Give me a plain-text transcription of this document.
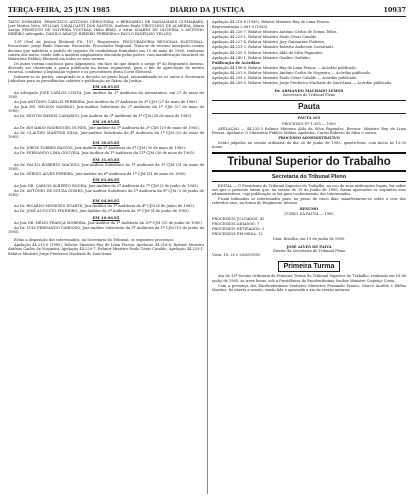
TERÇA-FEIRA, 25 JUN 1985	DIÁRIO DA JUSTIÇA	10937

TAVIO DORAMES, FRANCISCO ANTONIO CERQUEIRA, e BERNARDO DE MAGALHÃES GUIMARÃES, José Mattos Neto, WILLIAN CAVALCANTI DOS SANTOS, Antônio Paulo VIRGULINO DE ALMEIDA, Mário Araújo SEMIENTO DE OLIVEIRA VOSTRAS, Hélio BRAZ, e Artur SOARES DE OLIVEIRA, e ANTÔNIO RIBEIRO Advogado, DANILO ARAÚJO RIBEIRO FERREIRA e PAULO PANFILHO TELLES.

1.8ª Cível da Justiça Eleitoral Fls. 157. Requerente: PROCURADORIA REGIONAL ELEITORAL. Recorrente: Jorge Paulo Marconi. Recorrido: Procurador Regional. Trata-se de recurso interposto contra decisão que indeferiu o pedido de registro de candidatura formulado em 15 de maio de 1985, conforme consta dos autos, tendo sido a matéria amplamente discutida pelas partes, com manifestação favorável do Ministério Público Eleitoral em todos os seus termos.

Os autos vieram conclusos para julgamento, em face do que dispõe o artigo 8º do Regimento Interno, devendo ser observada a pauta publicada na forma regimental, para o fim de apreciação do mérito recursal, conforme a legislação vigente e os precedentes desta Corte Eleitoral.

Intimem-se as partes, cumprindo-se a decisão no prazo legal, encaminhando-se os autos à Secretaria Judiciária para as providências cabíveis e publicação no Diário da Justiça.

EM 28.05.85

Ao advogado JOSÉ CARLOS COSTA, Juiz Auditor da 1ª Auditoria da Aeronáutica, em 27 de maio de 1985.

Ao Juiz ANTÔNIO CARLOS FERREIRA, Juiz Auditor da 2ª Auditoria da 3ª CJM (27 de maio de 1985).

Ao Juiz DR. WILSON SAMPAIO, Juiz-Auditor Substituto da 2ª Auditoria da 1ª CJM (27 de maio de 1985).

Ao Dr. MILTON RAMOS CAMARGO, Juiz Auditor da 3ª Auditoria da 1ª CJM (28 de maio de 1985).

EM 29.05.85

Ao Dr. EDUARDO RODRIGUES NUNES, Juiz-Auditor da 1ª Auditoria da 2ª CJM (29 de maio de 1985).

Ao Dr. CLÁUDIO MARTINS SILVA, Juiz-Auditor Substituto da 4ª Auditoria da 1ª CJM (29 de maio de 1985).

EM 30.05.85

Ao Dr. JORGE TORRES BASTOS, Juiz-Auditor da 2ª Auditoria da 5ª CJM (30 de maio de 1985).

Ao Dr. FERNANDO LIMA GOUVEIA, Juiz-Auditor da 1ª Auditoria da 11ª CJM (30 de maio de 1985).

EM 31.05.85

Ao Dr. PAULO ROBERTO MACEDO, Juiz-Auditor Substituto da 1ª Auditoria da 3ª CJM (31 de maio de 1985).

Ao Dr. SÉRGIO ALVES PEREIRA, Juiz-Auditor da 6ª Auditoria da 1ª CJM (31 de maio de 1985).

EM 03.06.85

Ao Juiz DR. CARLOS ALBERTO ROCHA, Juiz-Auditor da 2ª Auditoria da 7ª CJM (3 de junho de 1985).

Ao Dr. ANTÔNIO DE SOUZA GOMES, Juiz-Auditor Substituto da 1ª Auditoria da 8ª CJM (3 de junho de 1985).

EM 04.06.85

Ao Dr. RICARDO MENEZES DUARTE, Juiz-Auditor da 1ª Auditoria da 4ª CJM (4 de junho de 1985).

Ao Dr. JOSÉ AUGUSTO PINHEIRO, Juiz-Auditor da 2ª Auditoria da 9ª CJM (4 de junho de 1985).

EM 10.06.85

Ao Juiz DR. HÉLIO FRANÇA MOREIRA, Juiz-Auditor da 1ª Auditoria da 10ª CJM (10 de junho de 1985).

Ao Dr. LUIZ FERNANDO CARDOSO, Juiz-Auditor Substituto da 3ª Auditoria da 1ª CJM (10 de junho de 1985).

Estão a disposição dos interessados, na Secretaria do Tribunal, os seguintes processos:

Apelação 44.215-0 (1985), Relator Ministro Ruy de Lima Pessoa; Apelação 44.216-8, Relator Ministro Antônio Carlos de Nogueira; Apelação 44.220-7, Relator Ministro Paulo César Cataldo; Apelação 44.223-1, Relator Ministro Jorge Frederico Machado de Sant'Anna.

Apelação 44.216-8 (1985), Relator Ministro Ruy de Lima Pessoa.

Representação 2.081-5 (1985).

Apelação 44.220-7, Relator Ministro Antônio Carlos de Seixas Telles.

Apelação 44.223-1, Relator Ministro Paulo César Cataldo.

Apelação 44.227-4, Relator Ministro Jacy Guimarães Pinheiro.

Apelação 44.231-2, Relator Ministro Roberto Andersen Cavalcanti.

Apelação 44.235-5, Relator Ministro Aldo da Silva Fagundes.

Apelação 44.240-1, Relator Ministro Gualter Godinho.

Publicação de Acórdãos

Apelação 44.198-6, Relator Ministro Ruy de Lima Pessoa — Acórdão publicado.

Apelação 44.201-0, Relator Ministro Antônio Carlos de Nogueira — Acórdão publicado.

Apelação 44.205-2, Relator Ministro Paulo César Cataldo — Acórdão publicado.

Apelação 44.209-5, Relator Ministro Jorge Frederico Machado de Sant'Anna — Acórdão publicado.

Dr. ARMANDO MACHADO LEMOS

Secretário do Tribunal Pleno

Pauta

PAUTA 165

PROCESSO Nº 1.355 — 1985

APELAÇÃO — 44.235-5 Relator Ministro Aldo da Silva Fagundes. Revisor: Ministro Ruy de Lima Pessoa. Apelante: O Ministério Público Militar. Apelados: Carlos Roberto da Silva e outros.

PROCESSO ADMINISTRATIVO

Serão julgados na sessão ordinária do dia 26 de junho de 1985, quarta-feira, com início às 13:30 horas.

Tribunal Superior do Trabalho
Secretaria do Tribunal Pleno

EDITAL — O Presidente do Tribunal Superior do Trabalho, no uso de suas atribuições legais, faz saber aos que o presente virem que, na sessão de 19 de junho de 1985, foram aprovados os seguintes atos administrativos, cuja publicação se faz para conhecimento dos interessados.

Ficam intimados os interessados para, no prazo de cinco dias, manifestarem-se sobre o teor dos referidos atos, na forma do Regimento Interno.

RESUMO

CURSO DA PAUTA — 1985

PROCESSOS JULGADOS: 42

PROCESSOS ADIADOS: 7

PROCESSOS RETIRADOS: 3

PROCESSOS EM MESA: 12

Data: Brasília, em 19 de junho de 1985.

JOSÉ ALVES DE PAIVA

Diretor da Secretaria do Tribunal Pleno

Vista: 18. 25 e 28/06/1985

Primeira Turma

Ata da 13ª Sessão Ordinária da Primeira Turma do Tribunal Superior do Trabalho, realizada em 18 de junho de 1985, às treze horas, sob a Presidência do Excelentíssimo Senhor Ministro Coqueijo Costa.

Com a presença dos Excelentíssimos Senhores Ministros Fernando Franco, Marco Aurélio e Ildélio Martins, foi aberta a sessão, sendo lida e aprovada a ata da sessão anterior.
